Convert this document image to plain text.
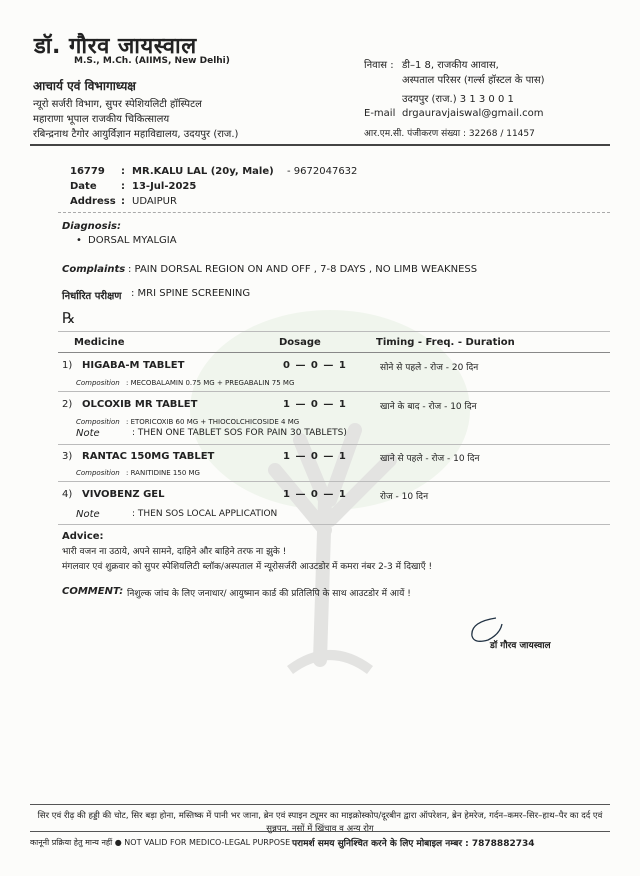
डॉ. गौरव जायस्वाल
M.S., M.Ch. (AIIMS, New Delhi)
आचार्य एवं विभागाध्यक्ष
न्यूरो सर्जरी विभाग, सुपर स्पेशियलिटी हॉस्पिटल
महाराणा भूपाल राजकीय चिकित्सालय
रबिन्द्रनाथ टैगोर आयुर्विज्ञान महाविद्यालय, उदयपुर (राज.)
निवास : डी–1 8, राजकीय आवास,
अस्पताल परिसर (गर्ल्स हॉस्टल के पास)
उदयपुर (राज.) 3 1 3 0 0 1
E-mail drgauravjaiswal@gmail.com
आर.एम.सी. पंजीकरण संख्या : 32268 / 11457
16779 : MR.KALU LAL (20y, Male) - 9672047632
Date : 13-Jul-2025
Address : UDAIPUR
Diagnosis:
• DORSAL MYALGIA
Complaints : PAIN DORSAL REGION ON AND OFF , 7-8 DAYS , NO LIMB WEAKNESS
निर्धारित परीक्षण : MRI SPINE SCREENING
℞
Medicine	Dosage	Timing - Freq. - Duration
1) HIGABA-M TABLET	0 — 0 — 1	सोने से पहले - रोज - 20 दिन
Composition : MECOBALAMIN 0.75 MG + PREGABALIN 75 MG
2) OLCOXIB MR TABLET	1 — 0 — 1	खाने के बाद - रोज - 10 दिन
Composition : ETORICOXIB 60 MG + THIOCOLCHICOSIDE 4 MG
Note	: THEN ONE TABLET SOS FOR PAIN 30 TABLETS)
3) RANTAC 150MG TABLET	1 — 0 — 1	खाने से पहले - रोज - 10 दिन
Composition : RANITIDINE 150 MG
4) VIVOBENZ GEL	1 — 0 — 1	रोज - 10 दिन
Note	: THEN SOS LOCAL APPLICATION
Advice:
भारी वजन ना उठाये, अपने सामने, दाहिने और बाहिने तरफ ना झुके !
मंगलवार एवं शुक्रवार को सुपर स्पेशियलिटी ब्लॉक/अस्पताल में न्यूरोसर्जरी आउटडोर में कमरा नंबर 2-3 में दिखाएँ !
COMMENT: निशुल्क जांच के लिए जनाधार/ आयुष्मान कार्ड की प्रतिलिपि के साथ आउटडोर में आयें !
डॉ गौरव जायस्वाल
सिर एवं रीढ़ की हड्डी की चोट, सिर बड़ा होना, मस्तिष्क में पानी भर जाना, ब्रेन एवं स्पाइन ट्यूमर का माइक्रोस्कोप/दूरबीन द्वारा ऑपरेशन, ब्रेन हेमरेज, गर्दन–कमर–सिर–हाथ–पैर का दर्द एवं सुन्नपन, नसों में खिंचाव व अन्य रोग
कानूनी प्रक्रिया हेतु मान्य नहीं ● NOT VALID FOR MEDICO-LEGAL PURPOSE परामर्श समय सुनिश्चित करने के लिए मोबाइल नम्बर : 7878882734
